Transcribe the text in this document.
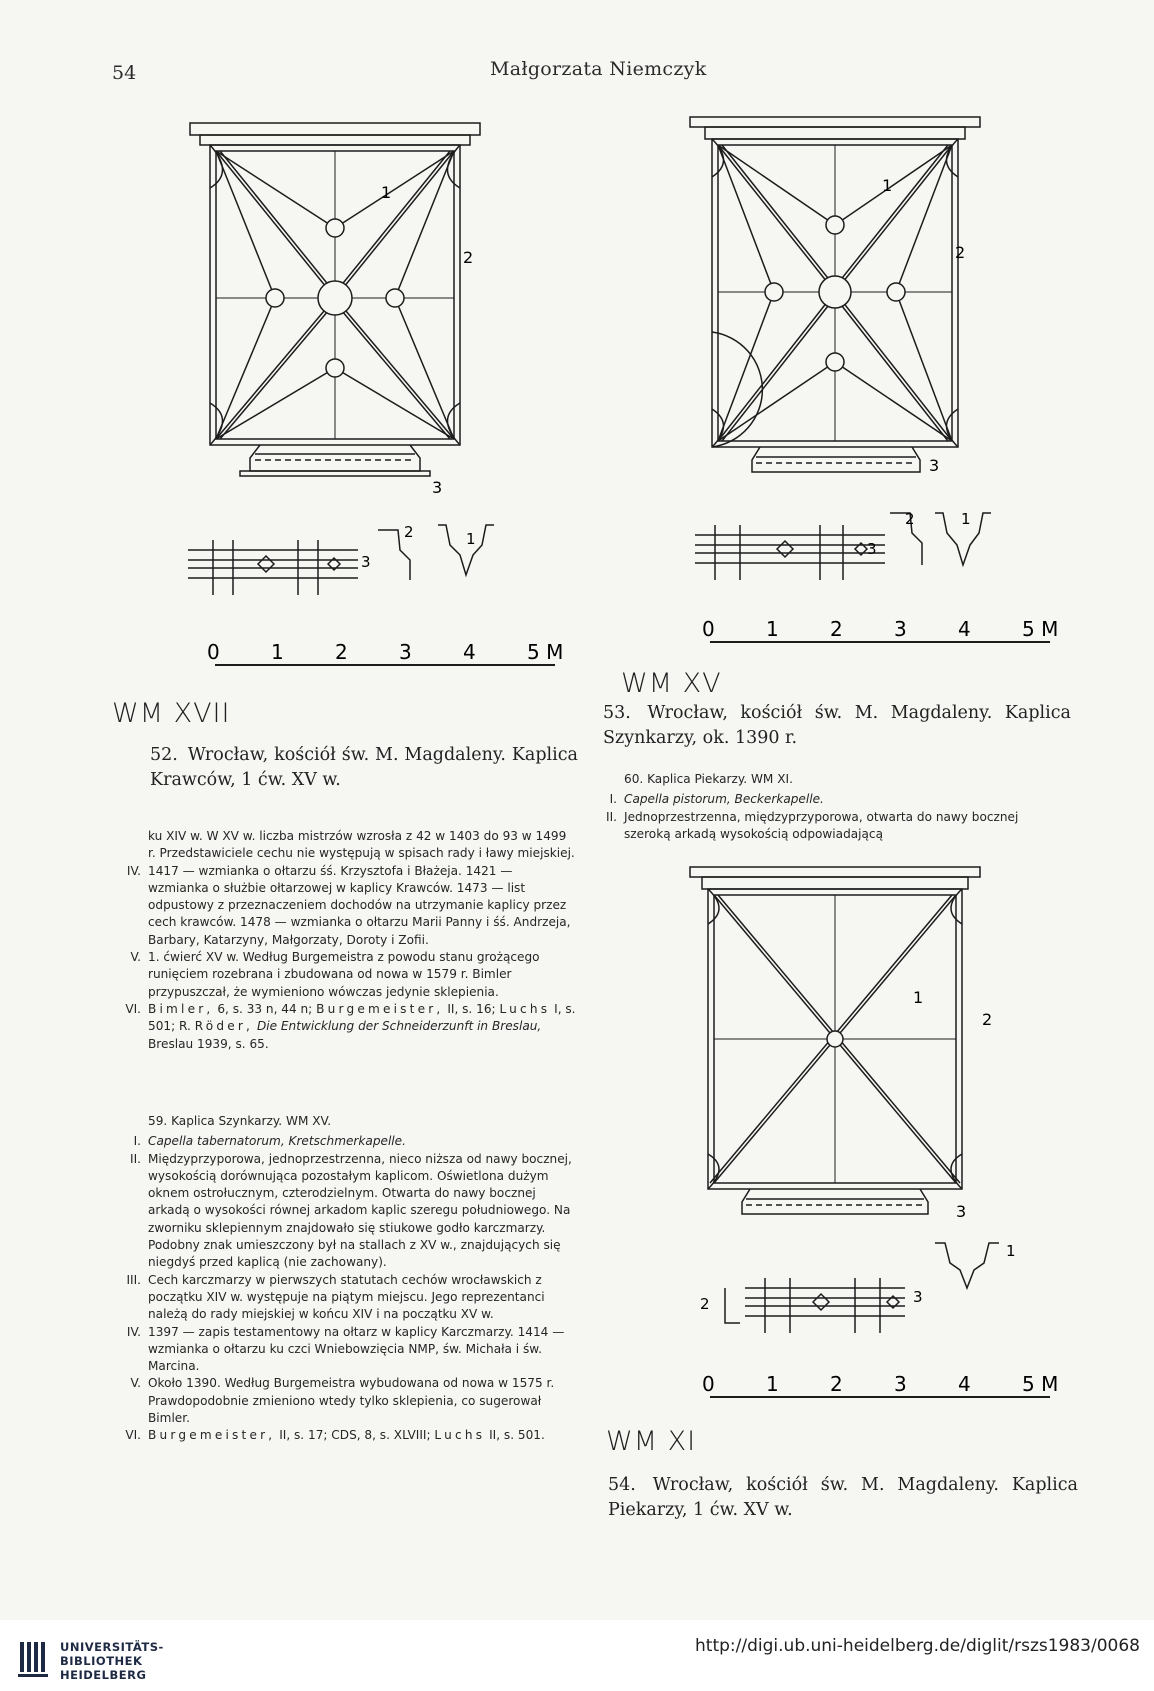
54	Małgorzata Niemczyk
1
2
3
2	1
3
0	1	2	3	4	5 M
WM XVII
52. Wrocław, kościół św. M. Magdaleny. Kaplica Krawców, 1 ćw. XV w.
ku XIV w. W XV w. liczba mistrzów wzrosła z 42 w 1403 do 93 w 1499 r. Przedstawiciele cechu nie występują w spisach rady i ławy miejskiej.
IV. 1417 — wzmianka o ołtarzu śś. Krzysztofa i Błażeja. 1421 — wzmianka o służbie ołtarzowej w kaplicy Krawców. 1473 — list odpustowy z przeznaczeniem dochodów na utrzymanie kaplicy przez cech krawców. 1478 — wzmianka o ołtarzu Marii Panny i śś. Andrzeja, Barbary, Katarzyny, Małgorzaty, Doroty i Zofii.
V. 1. ćwierć XV w. Według Burgemeistra z powodu stanu grożącego runięciem rozebrana i zbudowana od nowa w 1579 r. Bimler przypuszczał, że wymieniono wówczas jedynie sklepienia.
VI. Bimler, 6, s. 33 n, 44 n; Burgemeister, II, s. 16; Luchs I, s. 501; R. Röder, Die Entwicklung der Schneiderzunft in Breslau, Breslau 1939, s. 65.
59. Kaplica Szynkarzy. WM XV.
I. Capella tabernatorum, Kretschmerkapelle.
II. Międzyprzyporowa, jednoprzestrzenna, nieco niższa od nawy bocznej, wysokością dorównująca pozostałym kaplicom. Oświetlona dużym oknem ostrołucznym, czterodzielnym. Otwarta do nawy bocznej arkadą o wysokości równej arkadom kaplic szeregu południowego. Na zworniku sklepiennym znajdowało się stiukowe godło karczmarzy. Podobny znak umieszczony był na stallach z XV w., znajdujących się niegdyś przed kaplicą (nie zachowany).
III. Cech karczmarzy w pierwszych statutach cechów wrocławskich z początku XIV w. występuje na piątym miejscu. Jego reprezentanci należą do rady miejskiej w końcu XIV i na początku XV w.
IV. 1397 — zapis testamentowy na ołtarz w kaplicy Karczmarzy. 1414 — wzmianka o ołtarzu ku czci Wniebowzięcia NMP, św. Michała i św. Marcina.
V. Około 1390. Według Burgemeistra wybudowana od nowa w 1575 r. Prawdopodobnie zmieniono wtedy tylko sklepienia, co sugerował Bimler.
VI. Burgemeister, II, s. 17; CDS, 8, s. XLVIII; Luchs II, s. 501.
1
2
3
2	1
3
0	1	2	3	4	5 M
WM XV
53. Wrocław, kościół św. M. Magdaleny. Kaplica Szynkarzy, ok. 1390 r.
60. Kaplica Piekarzy. WM XI.
I. Capella pistorum, Beckerkapelle.
II. Jednoprzestrzenna, międzyprzyporowa, otwarta do nawy bocznej szeroką arkadą wysokością odpowiadającą
1
2
3
2
1
3
0	1	2	3	4	5 M
WM XI
54. Wrocław, kościół św. M. Magdaleny. Kaplica Piekarzy, 1 ćw. XV w.
UNIVERSITÄTS-
BIBLIOTHEK
HEIDELBERG
http://digi.ub.uni-heidelberg.de/diglit/rszs1983/0068
